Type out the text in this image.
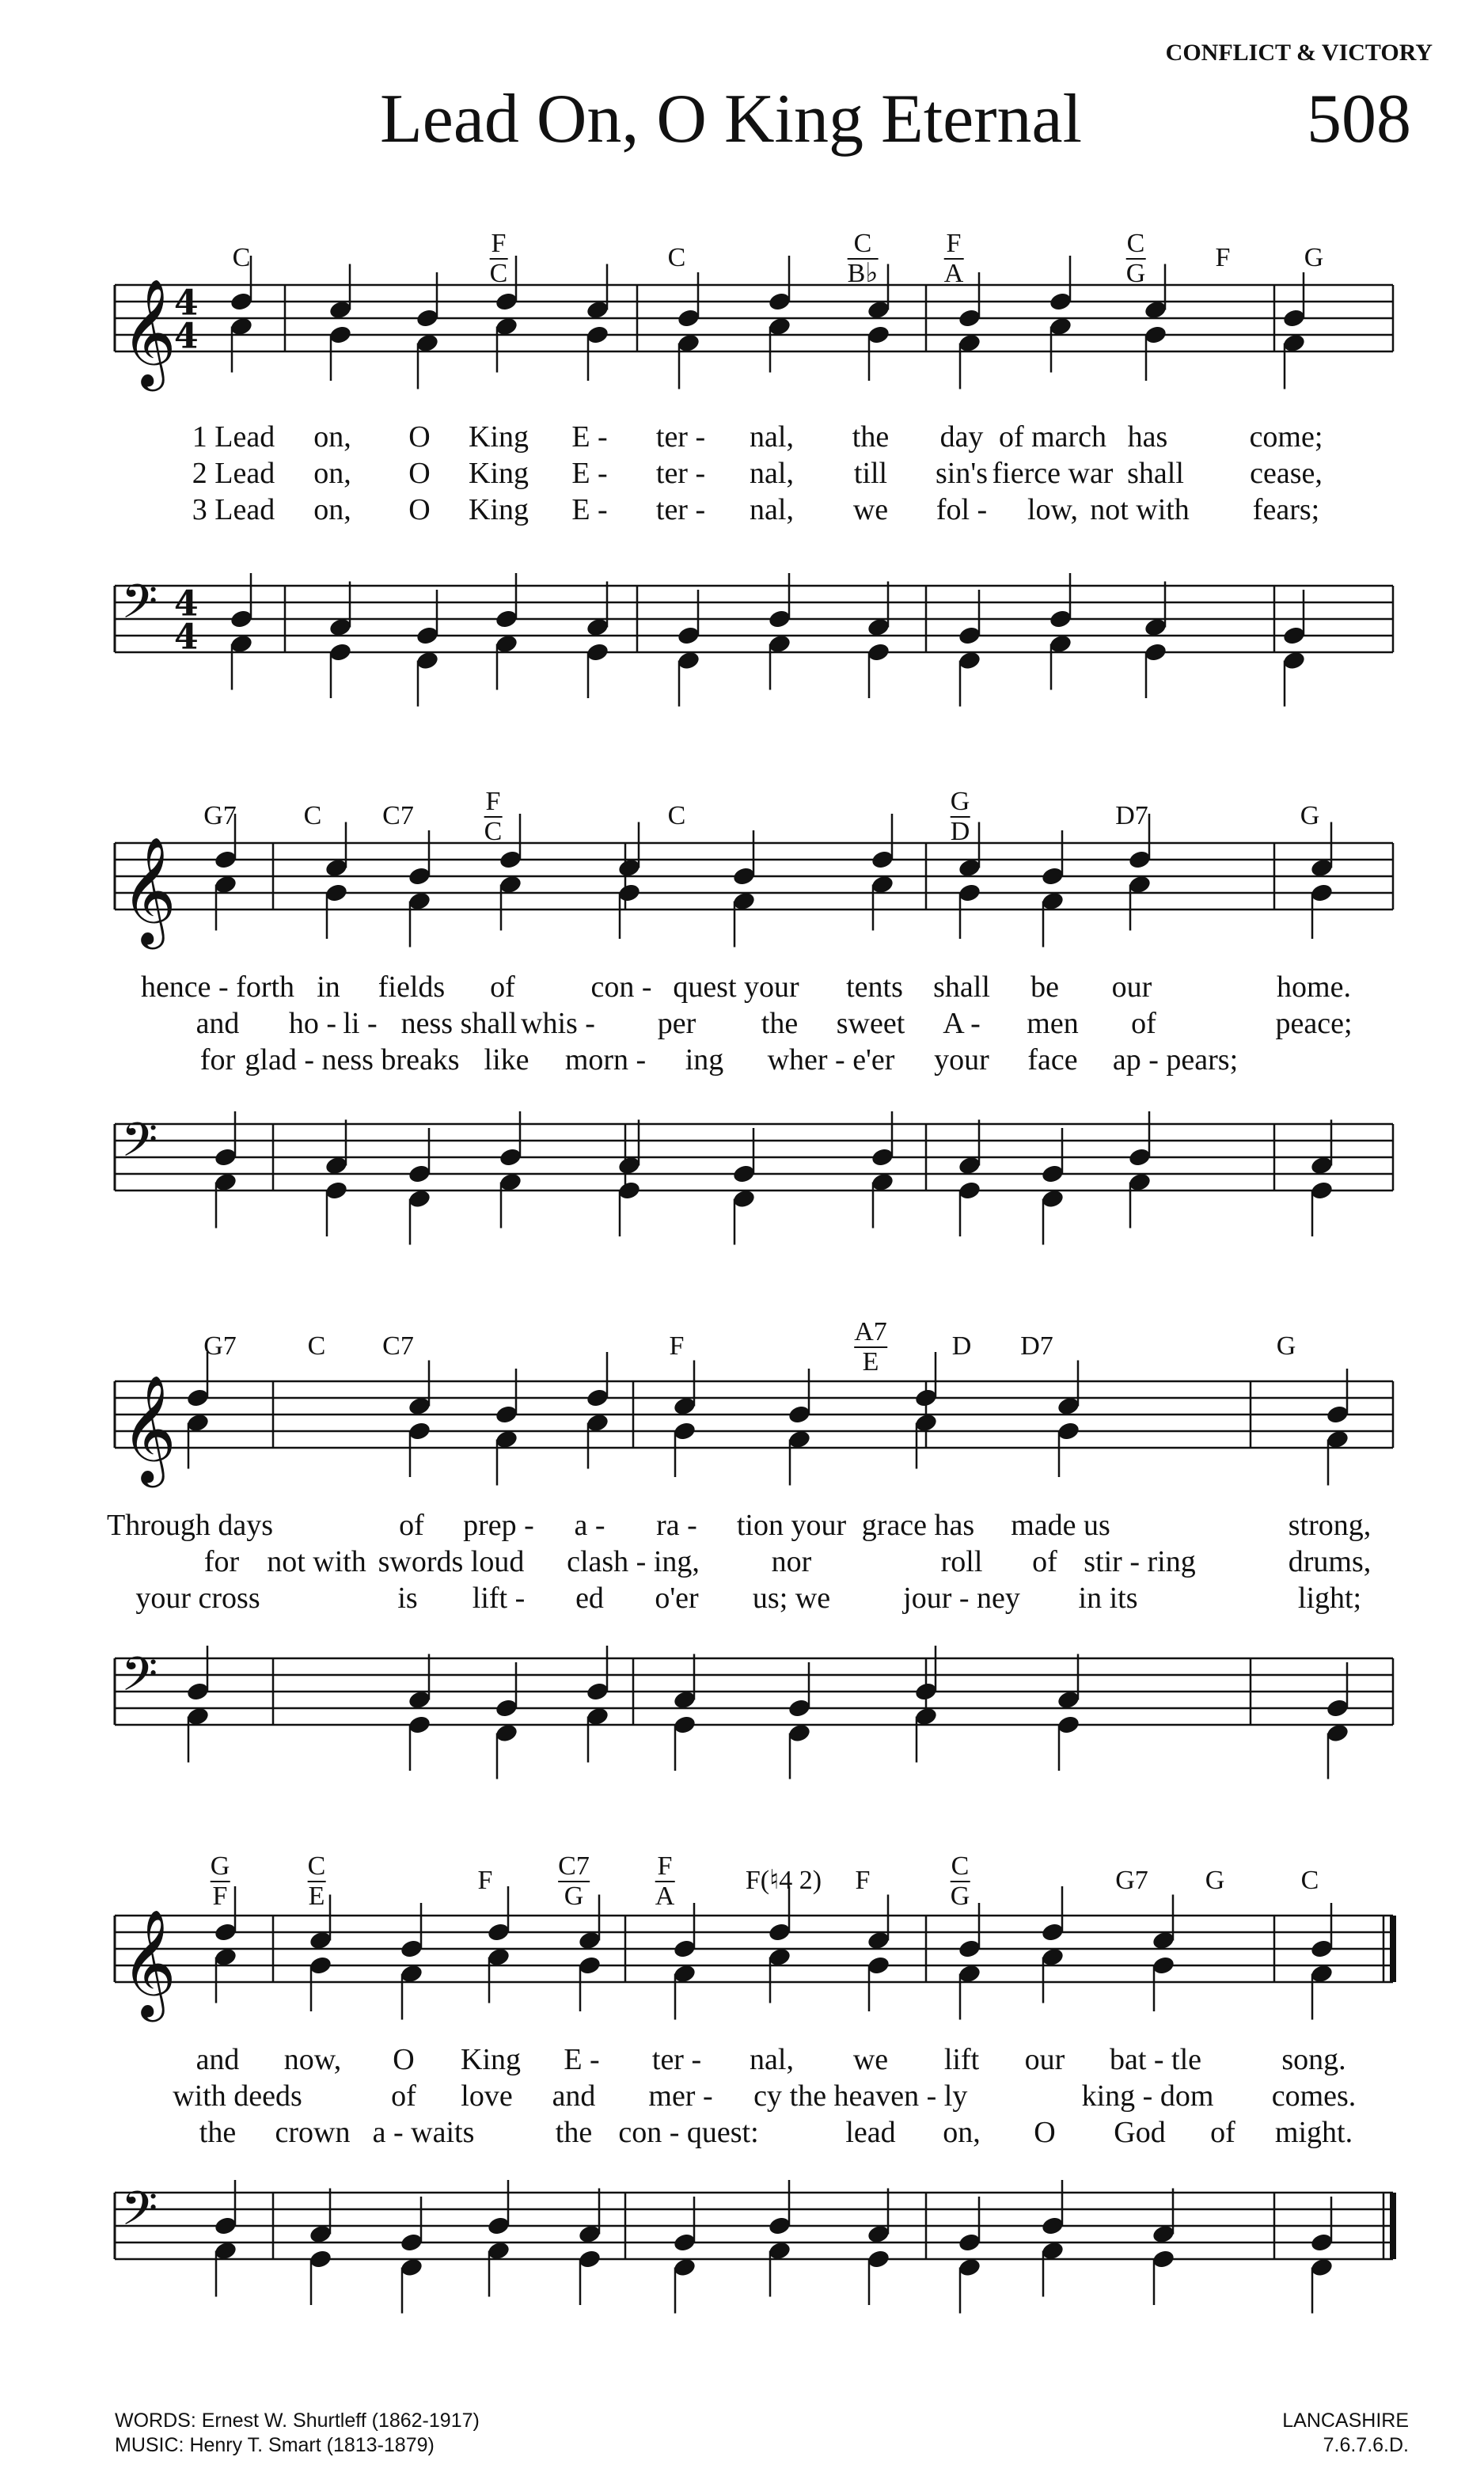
CONFLICT & VICTORY
Lead On, O King Eternal	508
C	F
C
C	C
B♭
F
A
C
G
F	G
𝄞
4
4
1 Lead on, O King E - ter - nal, the day of march has	come;
2 Lead on, O King E - ter - nal, till sin's fierce war shall cease,
3 Lead on, O King E - ter - nal, we fol - low, not with fears;
𝄢 4
4
G7 C C7	F
C
C	G
D
D7	G
𝄞
hence - forth in fields of	con - quest your tents shall be our	home.
and ho - li - ness shall whis - per the sweet A - men of	peace;
for glad - ness breaks like morn - ing wher - e'er your face ap - pears;
𝄢
G7	C C7	F	A7
E
D D7	G
𝄞
Through days	of prep - a - ra - tion your grace has made us	strong,
for not with swords loud clash - ing, nor	roll of stir - ring	drums,
your cross	is lift - ed o'er us; we jour - ney in its	light;
𝄢
G
F
C
E
F C7
G
F
A
F(♮4 2) F	C
G
G7 G	C
𝄞
and now, O King E - ter - nal, we lift our bat - tle	song.
with deeds	of love and mer - cy the heaven - ly	king - dom comes.
the crown a - waits	the con - quest:	lead on, O God of might.
𝄢
WORDS: Ernest W. Shurtleff (1862-1917)
MUSIC: Henry T. Smart (1813-1879)
LANCASHIRE
7.6.7.6.D.
